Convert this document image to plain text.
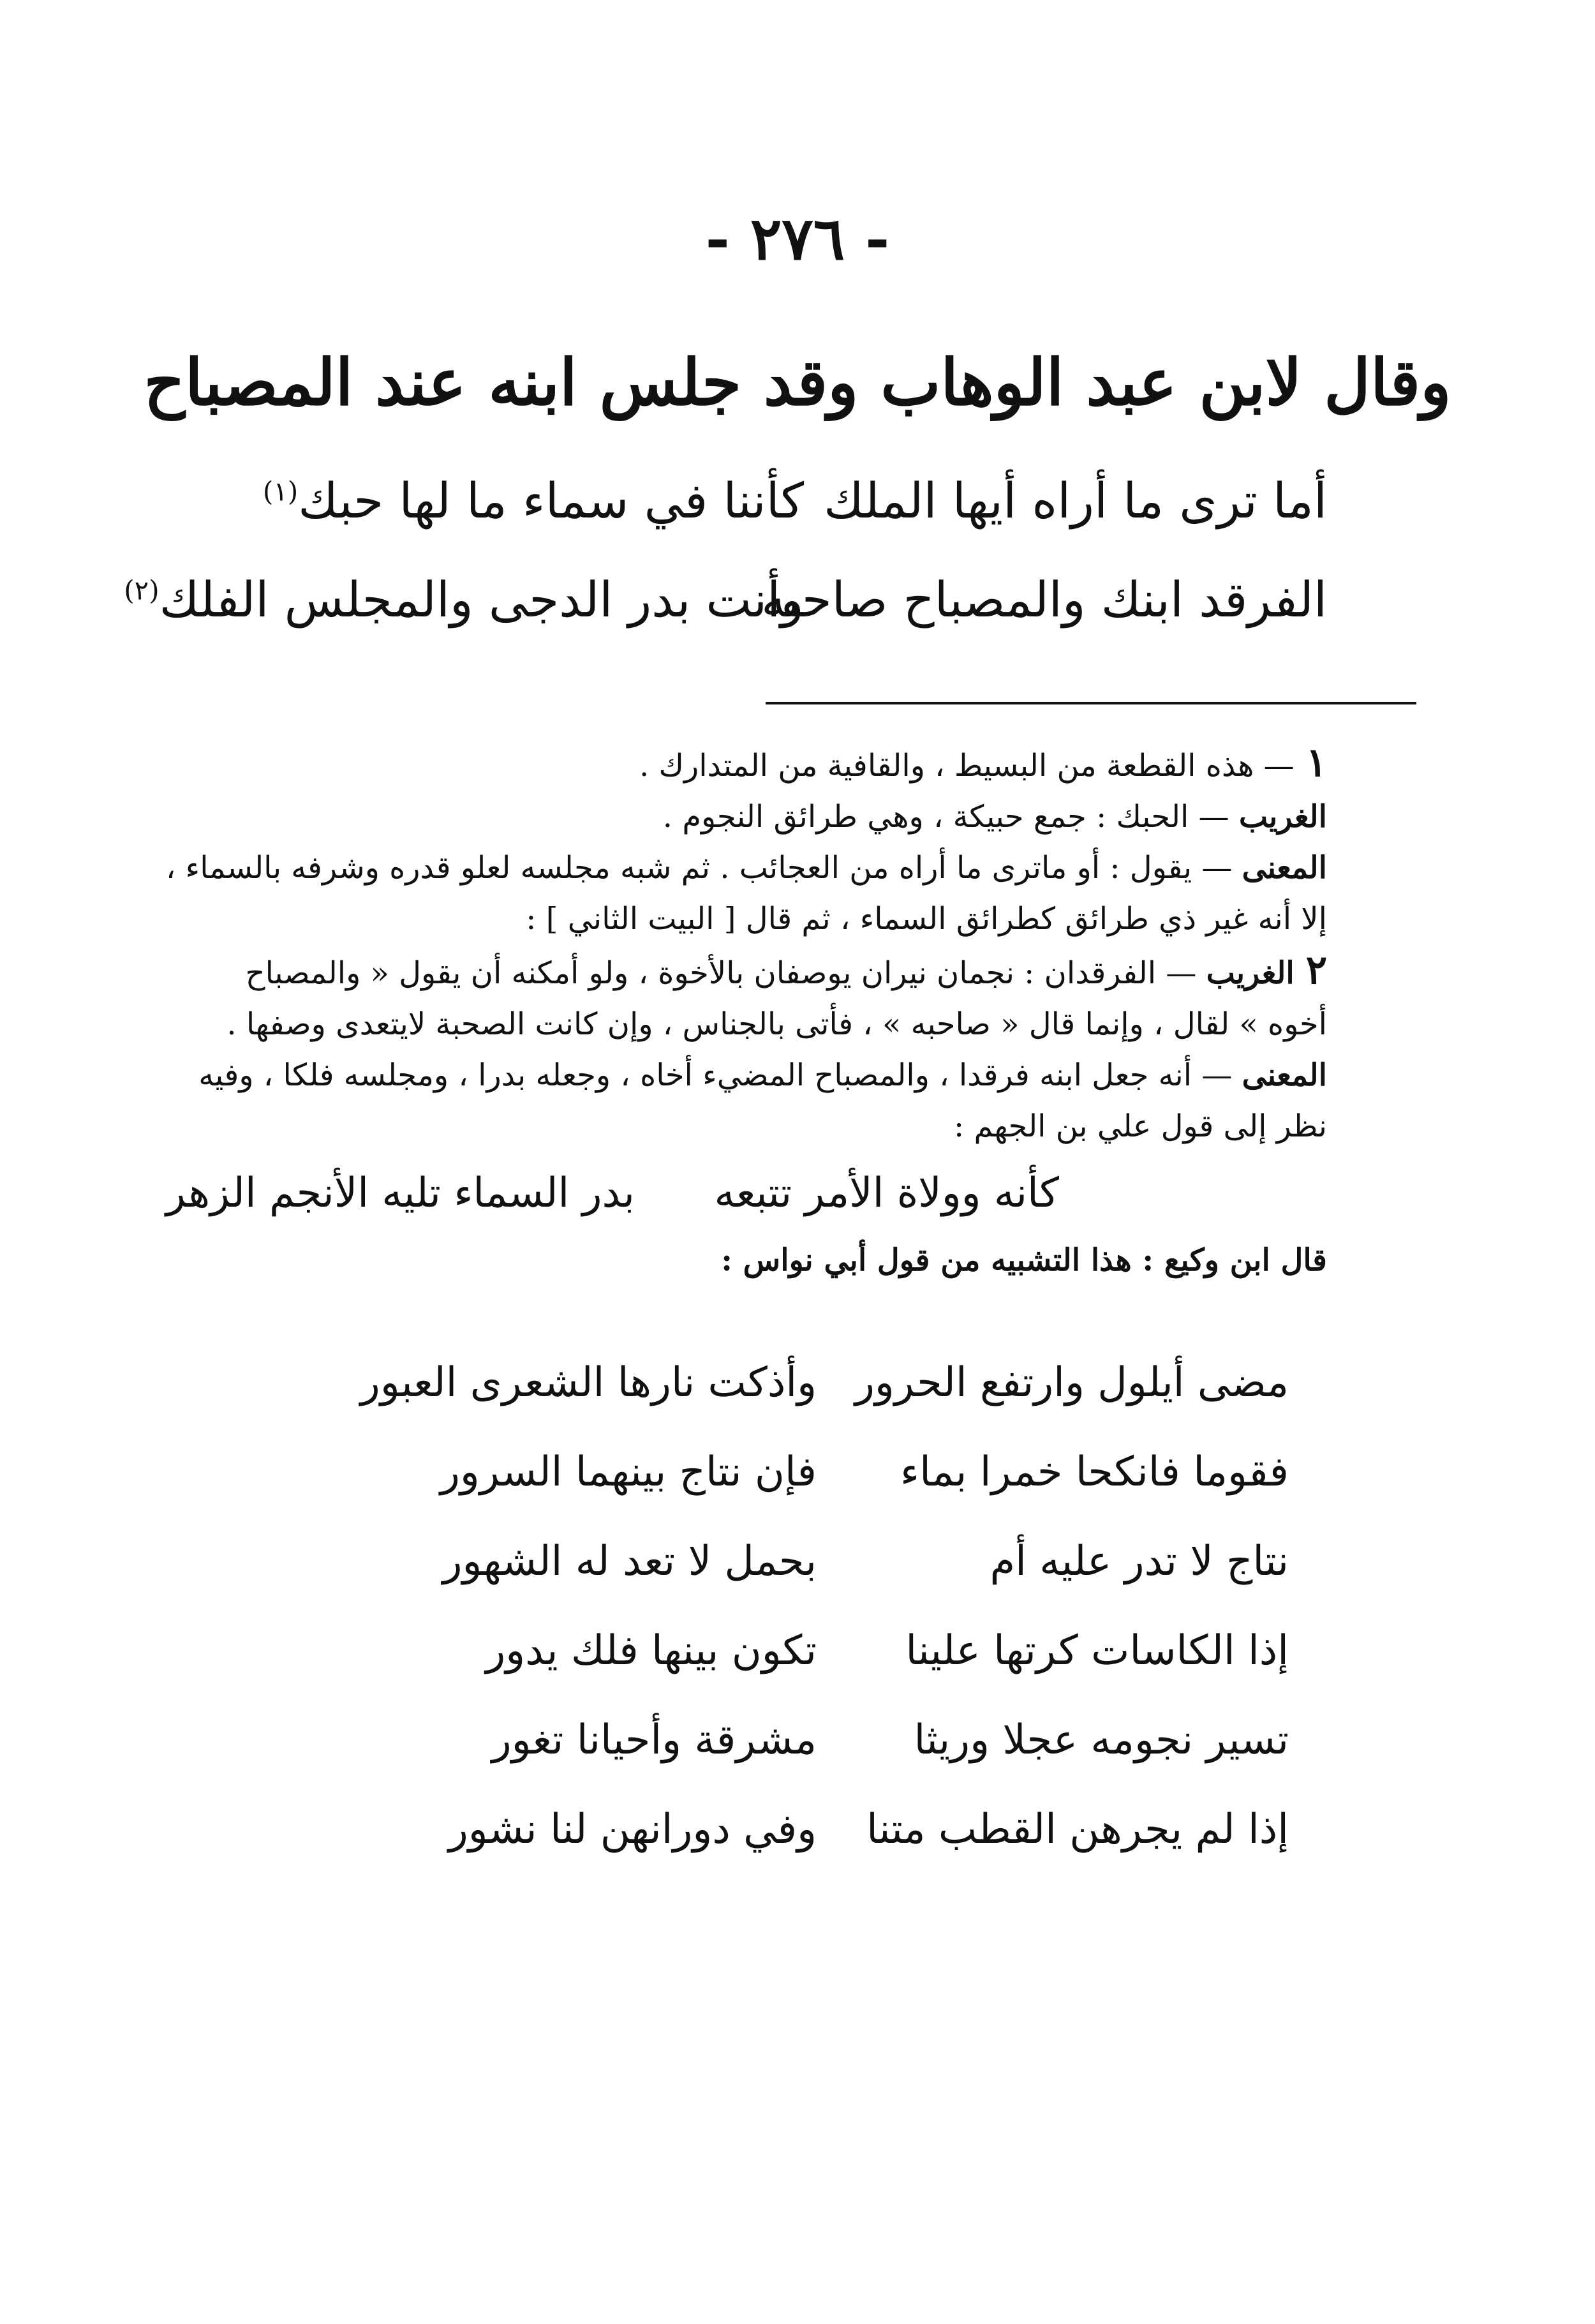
- ٢٧٦ -
وقال لابن عبد الوهاب وقد جلس ابنه عند المصباح
أما ترى ما أراه أيها الملك
كأننا في سماء ما لها حبك$^{(١)}$
الفرقد ابنك والمصباح صاحبه
وأنت بدر الدجى والمجلس الفلك$^{(٢)}$
١— هذه القطعة من البسيط ، والقافية من المتدارك .
الغريب — الحبك : جمع حبيكة ، وهي طرائق النجوم .
المعنى — يقول : أو ماترى ما أراه من العجائب . ثم شبه مجلسه لعلو قدره وشرفه بالسماء ،
إلا أنه غير ذي طرائق كطرائق السماء ، ثم قال [ البيت الثاني ] :
٢الغريب — الفرقدان : نجمان نيران يوصفان بالأخوة ، ولو أمكنه أن يقول « والمصباح
أخوه » لقال ، وإنما قال « صاحبه » ، فأتى بالجناس ، وإن كانت الصحبة لايتعدى وصفها .
المعنى — أنه جعل ابنه فرقدا ، والمصباح المضيء أخاه ، وجعله بدرا ، ومجلسه فلكا ، وفيه
نظر إلى قول علي بن الجهم :
كأنه وولاة الأمر تتبعه
بدر السماء تليه الأنجم الزهر
قال ابن وكيع : هذا التشبيه من قول أبي نواس :
مضى أيلول وارتفع الحرور
وأذكت نارها الشعرى العبور
فقوما فانكحا خمرا بماء
فإن نتاج بينهما السرور
نتاج لا تدر عليه أم
بحمل لا تعد له الشهور
إذا الكاسات كرتها علينا
تكون بينها فلك يدور
تسير نجومه عجلا وريثا
مشرقة وأحيانا تغور
إذا لم يجرهن القطب متنا
وفي دورانهن لنا نشور
